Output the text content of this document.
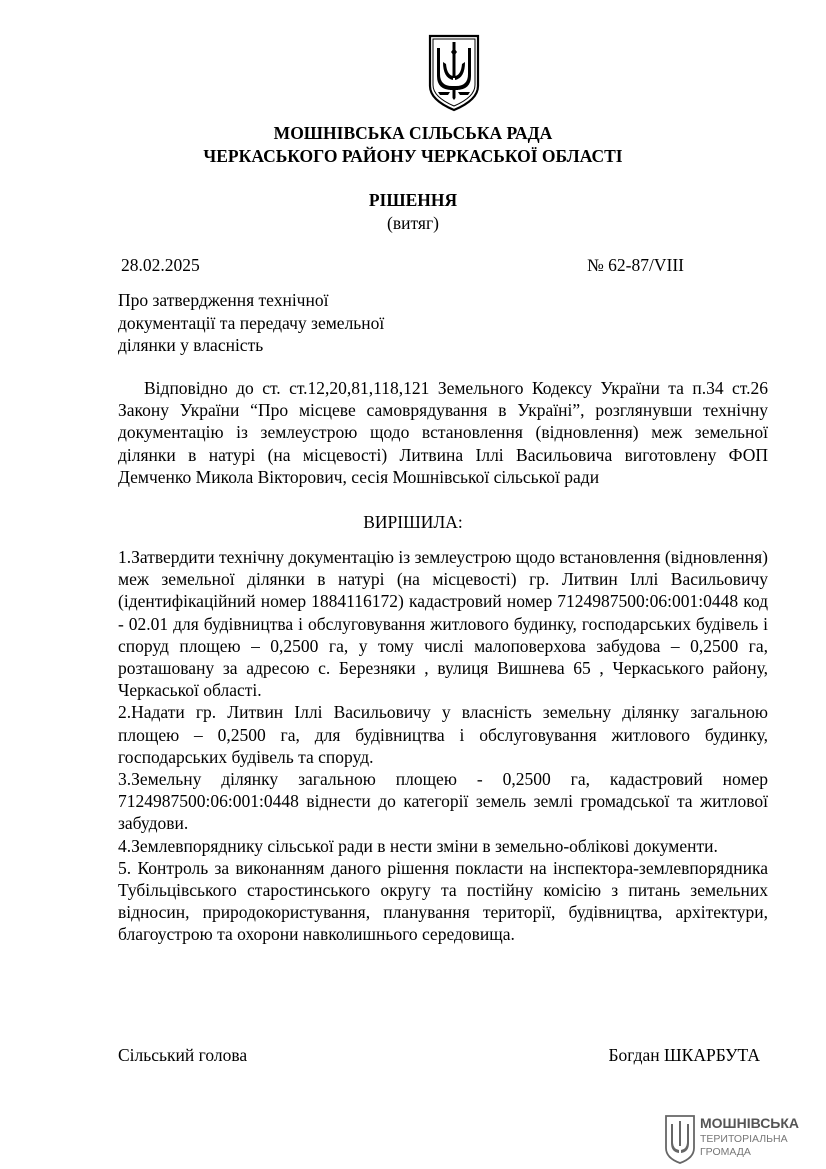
МОШНІВСЬКА СІЛЬСЬКА РАДА
ЧЕРКАСЬКОГО РАЙОНУ ЧЕРКАСЬКОЇ ОБЛАСТІ
РІШЕННЯ
(витяг)
28.02.2025	№ 62-87/VIII
Про затвердження технічної
документації та передачу земельної
ділянки у власність
Відповідно до ст. ст.12,20,81,118,121 Земельного Кодексу України та п.34 ст.26 Закону України “Про місцеве самоврядування в Україні”, розглянувши технічну документацію із землеустрою щодо встановлення (відновлення) меж земельної ділянки в натурі (на місцевості) Литвина Іллі Васильовича виготовлену ФОП Демченко Микола Вікторович, сесія Мошнівської сільської ради
ВИРІШИЛА:

1.Затвердити технічну документацію із землеустрою щодо встановлення (відновлення) меж земельної ділянки в натурі (на місцевості) гр. Литвин Іллі Васильовичу (ідентифікаційний номер 1884116172) кадастровий номер 7124987500:06:001:0448 код - 02.01 для будівництва і обслуговування житлового будинку, господарських будівель і споруд площею – 0,2500 га, у тому числі малоповерхова забудова – 0,2500 га, розташовану за адресою с. Березняки , вулиця Вишнева 65 , Черкаського району, Черкаської області.

2.Надати гр. Литвин Іллі Васильовичу у власність земельну ділянку загальною площею – 0,2500 га, для будівництва і обслуговування житлового будинку, господарських будівель та споруд.

3.Земельну ділянку загальною площею - 0,2500 га, кадастровий номер 7124987500:06:001:0448 віднести до категорії земель землі громадської та житлової забудови.

4.Землевпоряднику сільської ради в нести зміни в земельно-облікові документи.

5. Контроль за виконанням даного рішення покласти на інспектора-землевпорядника Тубільцівського старостинського округу та постійну комісію з питань земельних відносин, природокористування, планування території, будівництва, архітектури, благоустрою та охорони навколишнього середовища.

Сільський голова	Богдан ШКАРБУТА
МОШНІВСЬКА
ТЕРИТОРІАЛЬНА
ГРОМАДА
